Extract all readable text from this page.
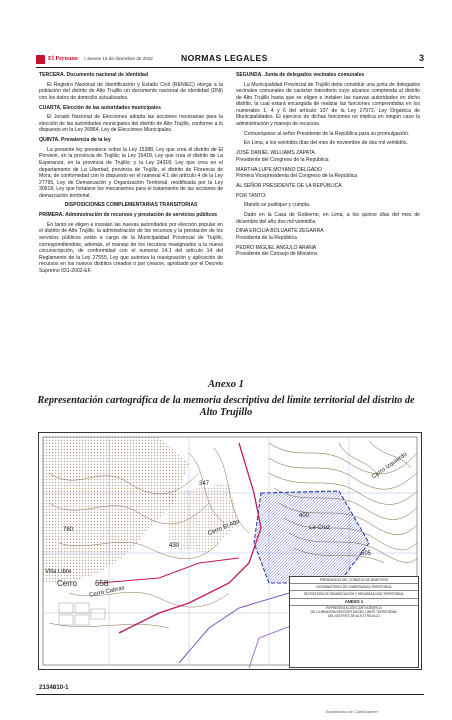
El Peruano / Jueves 15 de diciembre de 2022	NORMAS LEGALES	3

TERCERA. Documento nacional de identidad

El Registro Nacional de Identificación y Estado Civil (RENIEC) otorga a la población del distrito de Alto Trujillo un documento nacional de identidad (DNI) con los datos de domicilio actualizados.

CUARTA. Elección de las autoridades municipales

El Jurado Nacional de Elecciones adopta las acciones necesarias para la elección de las autoridades municipales del distrito de Alto Trujillo, conforme a lo dispuesto en la Ley 26864, Ley de Elecciones Municipales.

QUINTA. Prevalencia de la ley

La presente ley prevalece sobre la Ley 15388, Ley que crea el distrito de El Porvenir, en la provincia de Trujillo; la Ley 15418, Ley que crea el distrito de La Esperanza, en la provincia de Trujillo; y la Ley 24318, Ley que crea en el departamento de La Libertad, provincia de Trujillo, el distrito de Florencia de Mora; de conformidad con lo dispuesto en el numeral 4.1 del artículo 4 de la Ley 27795, Ley de Demarcación y Organización Territorial, modificada por la Ley 30918, Ley que fortalece los mecanismos para el tratamiento de las acciones de demarcación territorial.

DISPOSICIONES COMPLEMENTARIAS TRANSITORIAS

PRIMERA. Administración de recursos y prestación de servicios públicos

En tanto se eligen e instalan las nuevas autoridades por elección popular en el distrito de Alto Trujillo, la administración de los recursos y la prestación de los servicios públicos están a cargo de la Municipalidad Provincial de Trujillo, correspondiéndole, además, el manejo de los recursos reasignados a la nueva circunscripción, de conformidad con el numeral 14.1 del artículo 14 del Reglamento de la Ley 27555, Ley que autoriza la reasignación y aplicación de recursos en los nuevos distritos creados o por crearse, aprobado por el Decreto Supremo 031-2002-EF.

SEGUNDA. Junta de delegados vecinales comunales

La Municipalidad Provincial de Trujillo debe constituir una junta de delegados vecinales comunales de carácter transitorio cuyo alcance comprenda al distrito de Alto Trujillo hasta que se eligen e instalen las nuevas autoridades en dicho distrito, la cual estará encargada de realizar las funciones comprendidas en los numerales 1, 4 y 6 del artículo 107 de la Ley 27972, Ley Orgánica de Municipalidades. El ejercicio de dichas funciones no implica en ningún caso la administración y manejo de recursos.

Comuníquese al señor Presidente de la República para su promulgación.

En Lima, a los veintidós días del mes de noviembre de dos mil veintidós.

JOSÉ DANIEL WILLIAMS ZAPATA

Presidente del Congreso de la República

MARTHA LUPE MOYANO DELGADO

Primera Vicepresidenta del Congreso de la República

AL SEÑOR PRESIDENTE DE LA REPÚBLICA

POR TANTO:

Mando se publique y cumpla.

Dado en la Casa de Gobierno, en Lima, a los quince días del mes de diciembre del año dos mil veintidós.

DINA ERCILIA BOLUARTE ZEGARRA

Presidenta de la República

PEDRO MIGUEL ANGULO ARANA

Presidente del Consejo de Ministros

Anexo 1
Representación cartográfica de la memoria descriptiva del límite territorial del distrito de Alto Trujillo
347
780
400
430
605
Cerro El Alto	La Cruz
Villa Libre
Cerro 658
Cerro Cabras
Cerro Izquierdo
PRESIDENCIA DEL CONSEJO DE MINISTROS
VICEMINISTERIO DE GOBERNANZA TERRITORIAL
SECRETARÍA DE DEMARCACIÓN Y ORGANIZACIÓN TERRITORIAL
ANEXO 1
REPRESENTACIÓN CARTOGRÁFICA
DE LA MEMORIA DESCRIPTIVA DEL LÍMITE TERRITORIAL
DEL DISTRITO DE ALTO TRUJILLO
2134810-1
Escaneado con CamScanner
